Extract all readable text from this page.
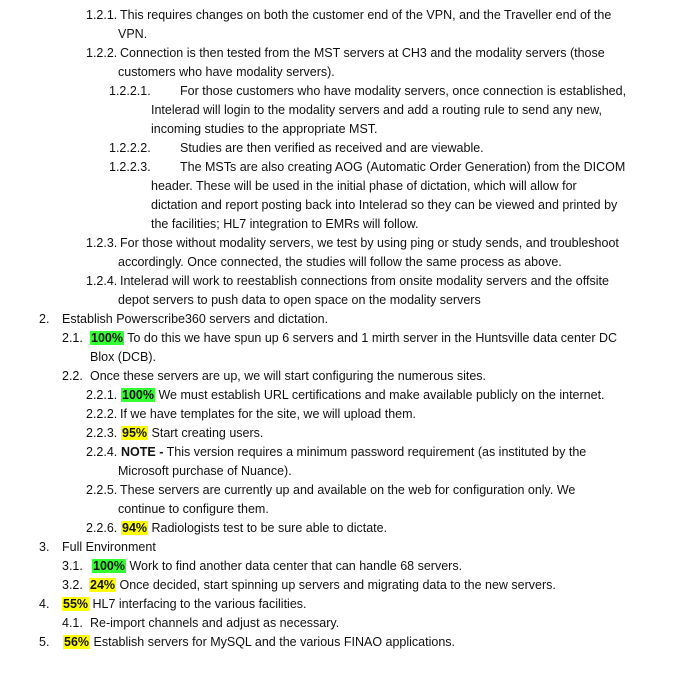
1.2.1. This requires changes on both the customer end of the VPN, and the Traveller end of the
VPN.
1.2.2. Connection is then tested from the MST servers at CH3 and the modality servers (those
customers who have modality servers).
1.2.2.1. For those customers who have modality servers, once connection is established,
Intelerad will login to the modality servers and add a routing rule to send any new,
incoming studies to the appropriate MST.
1.2.2.2. Studies are then verified as received and are viewable.
1.2.2.3. The MSTs are also creating AOG (Automatic Order Generation) from the DICOM
header. These will be used in the initial phase of dictation, which will allow for
dictation and report posting back into Intelerad so they can be viewed and printed by
the facilities; HL7 integration to EMRs will follow.
1.2.3. For those without modality servers, we test by using ping or study sends, and troubleshoot
accordingly. Once connected, the studies will follow the same process as above.
1.2.4. Intelerad will work to reestablish connections from onsite modality servers and the offsite
depot servers to push data to open space on the modality servers
2. Establish Powerscribe360 servers and dictation.
2.1. 100% To do this we have spun up 6 servers and 1 mirth server in the Huntsville data center DC
Blox (DCB).
2.2. Once these servers are up, we will start configuring the numerous sites.
2.2.1. 100% We must establish URL certifications and make available publicly on the internet.
2.2.2. If we have templates for the site, we will upload them.
2.2.3. 95% Start creating users.
2.2.4. NOTE - This version requires a minimum password requirement (as instituted by the
Microsoft purchase of Nuance).
2.2.5. These servers are currently up and available on the web for configuration only. We
continue to configure them.
2.2.6. 94% Radiologists test to be sure able to dictate.
3. Full Environment
3.1. 100% Work to find another data center that can handle 68 servers.
3.2. 24% Once decided, start spinning up servers and migrating data to the new servers.
4. 55% HL7 interfacing to the various facilities.
4.1. Re-import channels and adjust as necessary.
5. 56% Establish servers for MySQL and the various FINAO applications.
